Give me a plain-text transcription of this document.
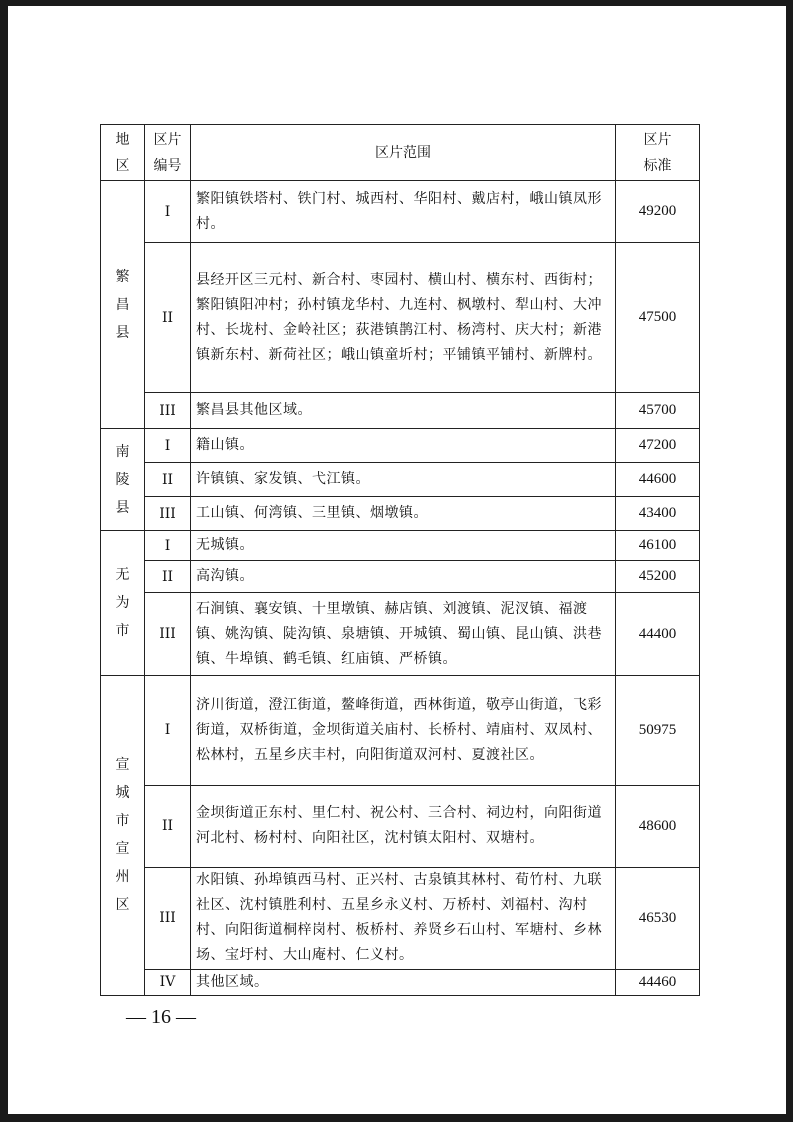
地区	区片编号	区片范围	区片标准
繁昌县	I	繁阳镇铁塔村、铁门村、城西村、华阳村、戴店村，峨山镇凤形村。	49200
	II	县经开区三元村、新合村、枣园村、横山村、横东村、西街村；繁阳镇阳冲村；孙村镇龙华村、九连村、枫墩村、犁山村、大冲村、长垅村、金岭社区；荻港镇鹊江村、杨湾村、庆大村；新港镇新东村、新荷社区；峨山镇童圻村；平铺镇平铺村、新牌村。	47500
	III	繁昌县其他区域。	45700
南陵县	I	籍山镇。	47200
	II	许镇镇、家发镇、弋江镇。	44600
	III	工山镇、何湾镇、三里镇、烟墩镇。	43400
无为市	I	无城镇。	46100
	II	高沟镇。	45200
	III	石涧镇、襄安镇、十里墩镇、赫店镇、刘渡镇、泥汊镇、福渡镇、姚沟镇、陡沟镇、泉塘镇、开城镇、蜀山镇、昆山镇、洪巷镇、牛埠镇、鹤毛镇、红庙镇、严桥镇。	44400
宣城市宣州区	I	济川街道，澄江街道，鳌峰街道，西林街道，敬亭山街道，飞彩街道，双桥街道，金坝街道关庙村、长桥村、靖庙村、双凤村、松林村，五星乡庆丰村，向阳街道双河村、夏渡社区。	50975
	II	金坝街道正东村、里仁村、祝公村、三合村、祠边村，向阳街道河北村、杨村村、向阳社区，沈村镇太阳村、双塘村。	48600
	III	水阳镇、孙埠镇西马村、正兴村、古泉镇其林村、荀竹村、九联社区、沈村镇胜利村、五星乡永义村、万桥村、刘福村、沟村村、向阳街道桐梓岗村、板桥村、养贤乡石山村、军塘村、乡林场、宝圩村、大山庵村、仁义村。	46530
	IV	其他区域。	44460
— 16 —
